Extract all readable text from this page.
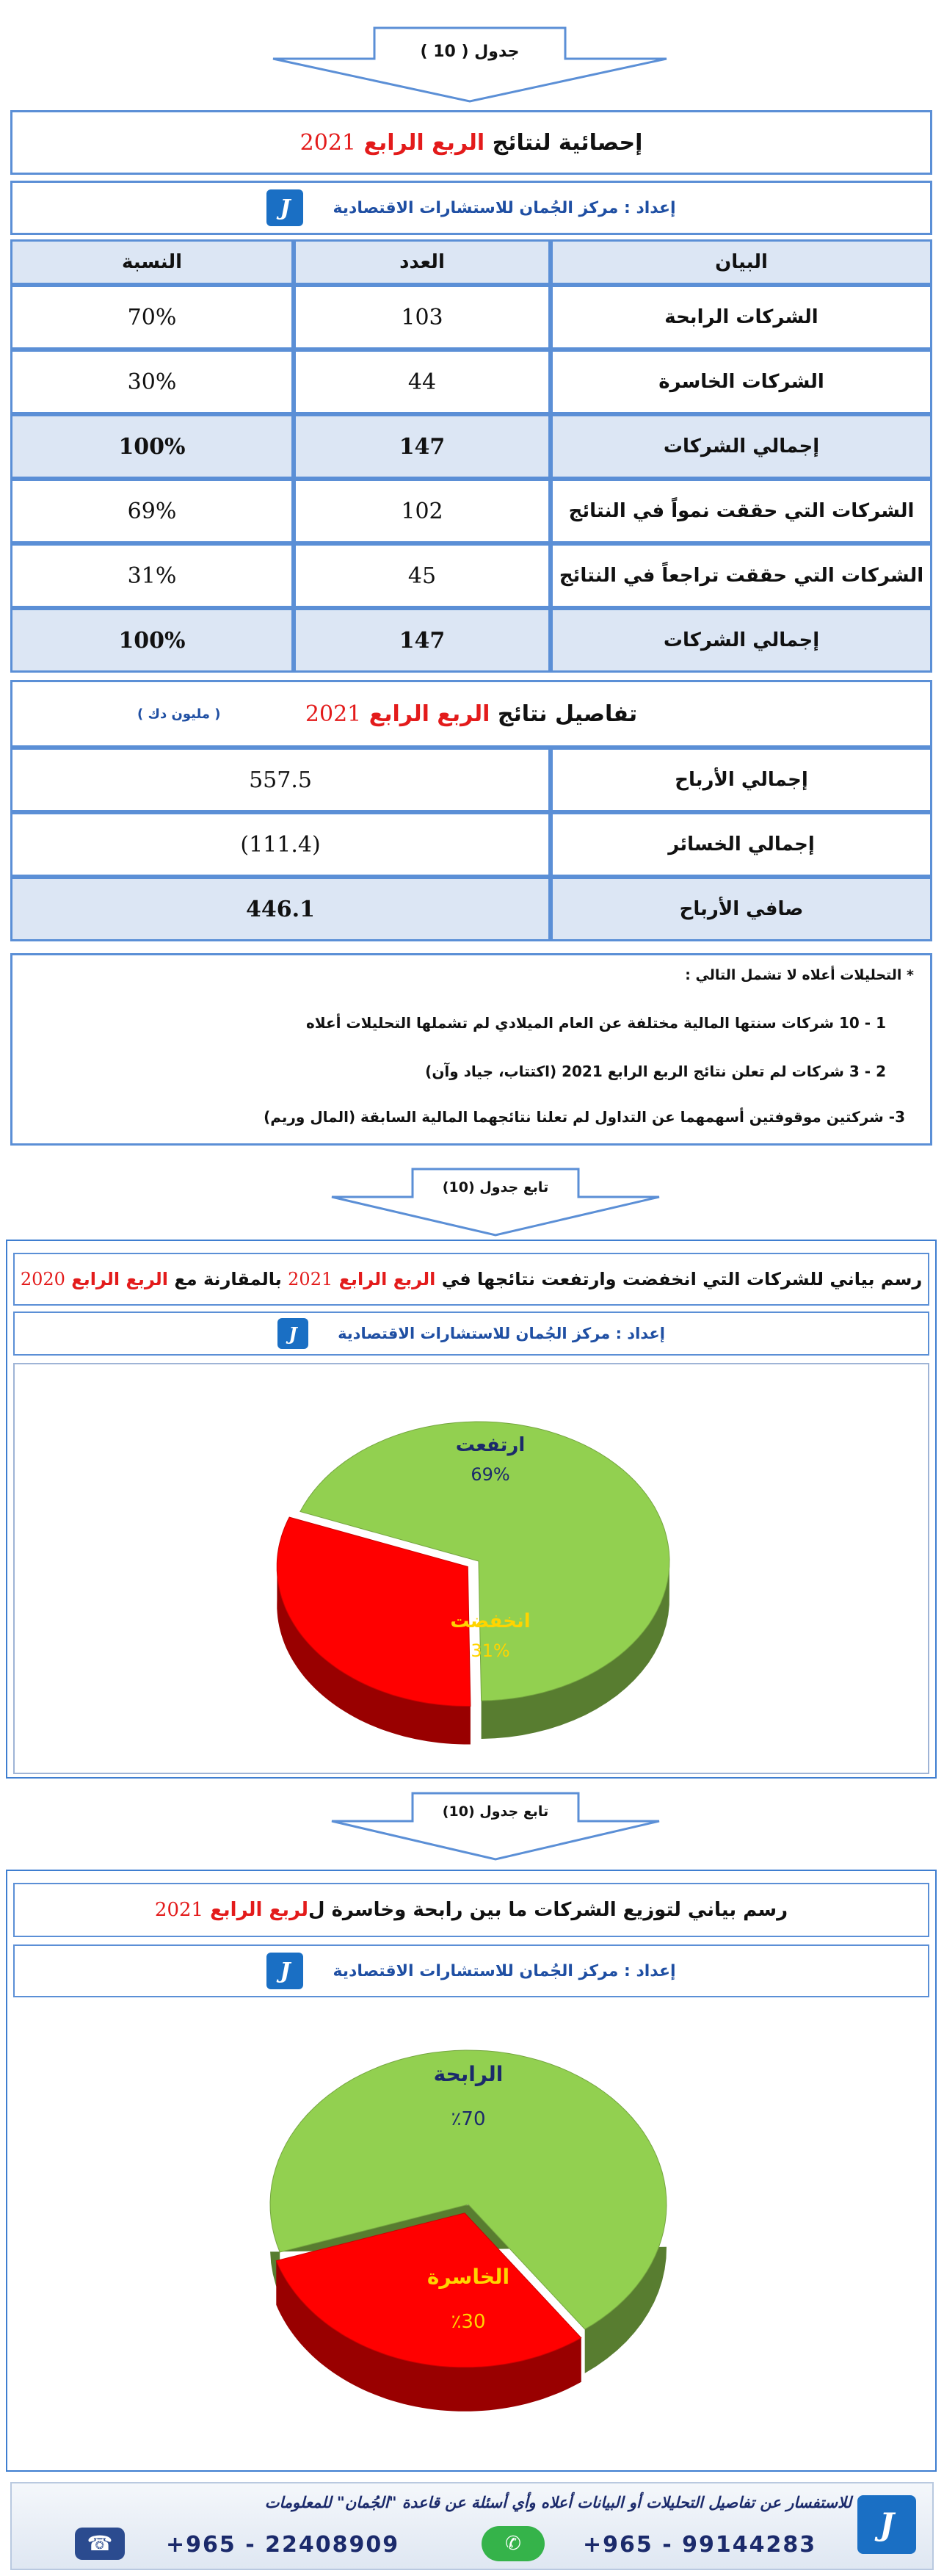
جدول ( 10 )
إحصائية لنتائج

الربع الرابع

2021
إعداد : مركز الجُمان للاستشارات الاقتصادية
J
البيان
العدد
النسبة
الشركات الرابحة
103
70%
الشركات الخاسرة
44
30%
إجمالي الشركات
147
100%
الشركات التي حققت نمواً في النتائج
102
69%
الشركات التي حققت تراجعاً في النتائج
45
31%
إجمالي الشركات
147
100%
تفاصيل نتائج

الربع الرابع

2021
( مليون دك )
إجمالي الأرباح
557.5
إجمالي الخسائر
(111.4)
صافي الأرباح
446.1
* التحليلات أعلاه لا تشمل التالي :
1 - 10 شركات سنتها المالية مختلفة عن العام الميلادي لم تشملها التحليلات أعلاه
2 - 3 شركات لم تعلن نتائج الربع الرابع 2021 (اكتتاب، جياد وآن)
3- شركتين موقوفتين أسهمهما عن التداول لم تعلنا نتائجهما المالية السابقة (المال وريم)
تابع جدول (10)
رسم بياني للشركات التي انخفضت وارتفعت نتائجها في

الربع الرابع

2021

بالمقارنة مع

الربع الرابع

2020
إعداد : مركز الجُمان للاستشارات الاقتصادية
J
ارتفعت
69%
انخفضت
31%
تابع جدول (10)
رسم بياني لتوزيع الشركات ما بين رابحة وخاسرة ل
لربع الرابع

2021
إعداد : مركز الجُمان للاستشارات الاقتصادية
J
الرابحة
٪70
الخاسرة
٪30
للاستفسار عن تفاصيل التحليلات أو البيانات أعلاه وأي أسئلة عن قاعدة "الجُمان" للمعلومات
+965 - 22408909	+965 - 99144283
☎	✆
J
